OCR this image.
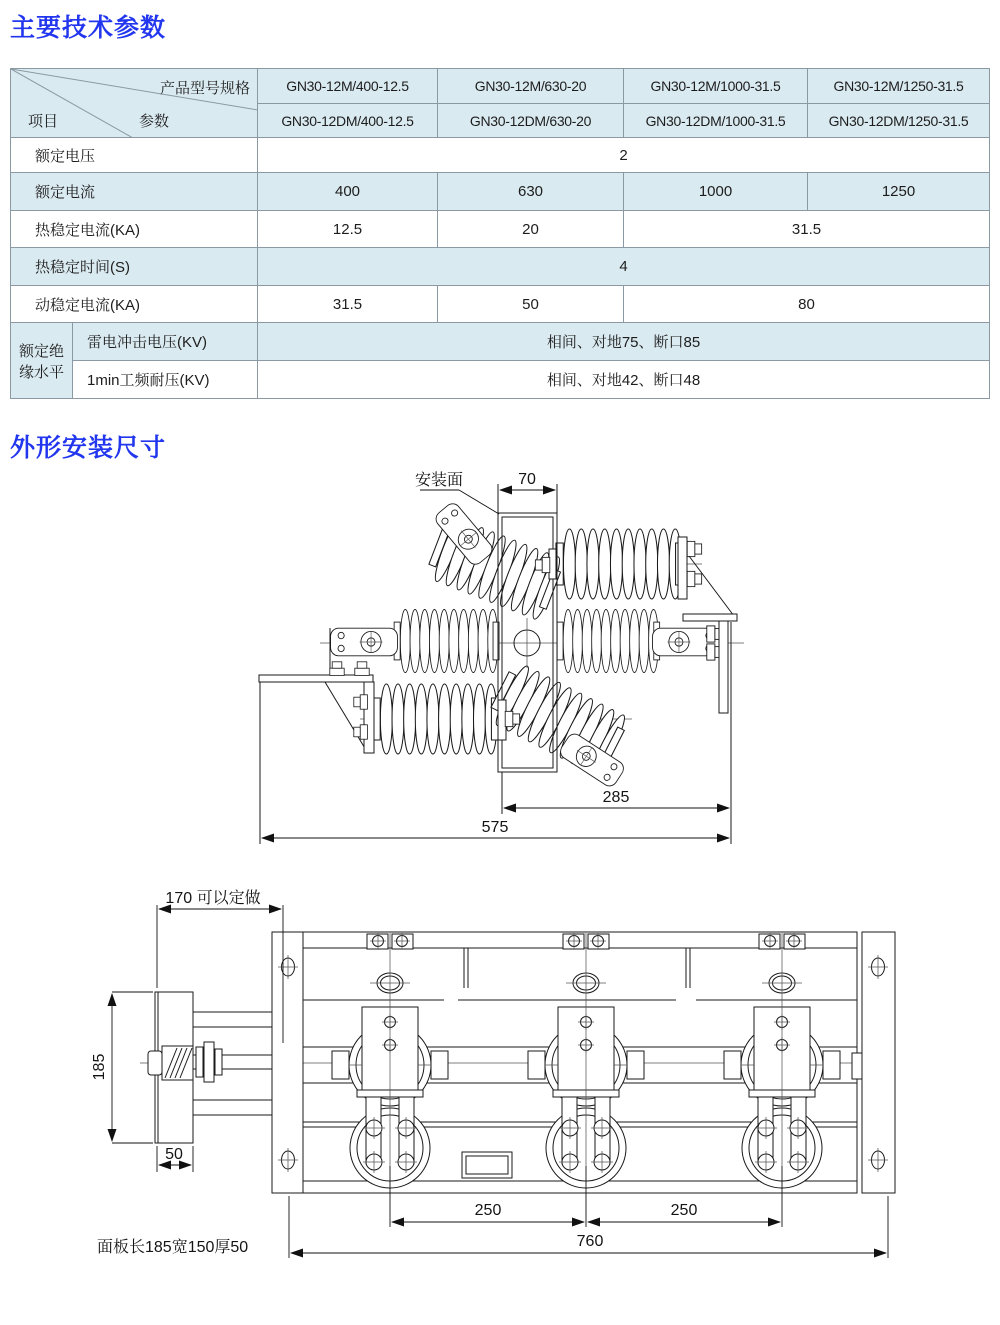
主要技术参数
产品型号规格
参数
项目		GN30-12M/400-12.5	GN30-12M/630-20	GN30-12M/1000-31.5	GN30-12M/1250-31.5
		GN30-12DM/400-12.5	GN30-12DM/630-20	GN30-12DM/1000-31.5	GN30-12DM/1250-31.5
额定电压		2			
额定电流		400	630	1000	1250
热稳定电流(KA)		12.5	20	31.5	
热稳定时间(S)		4			
动稳定电流(KA)		31.5	50	80	
额定绝缘水平	雷电冲击电压(KV)	相间、对地75、断口85			
	1min工频耐压(KV)	相间、对地42、断口48			
外形安装尺寸
安装面	70
285
575
170 可以定做
185
50
250	250
760
面板长185宽150厚50
